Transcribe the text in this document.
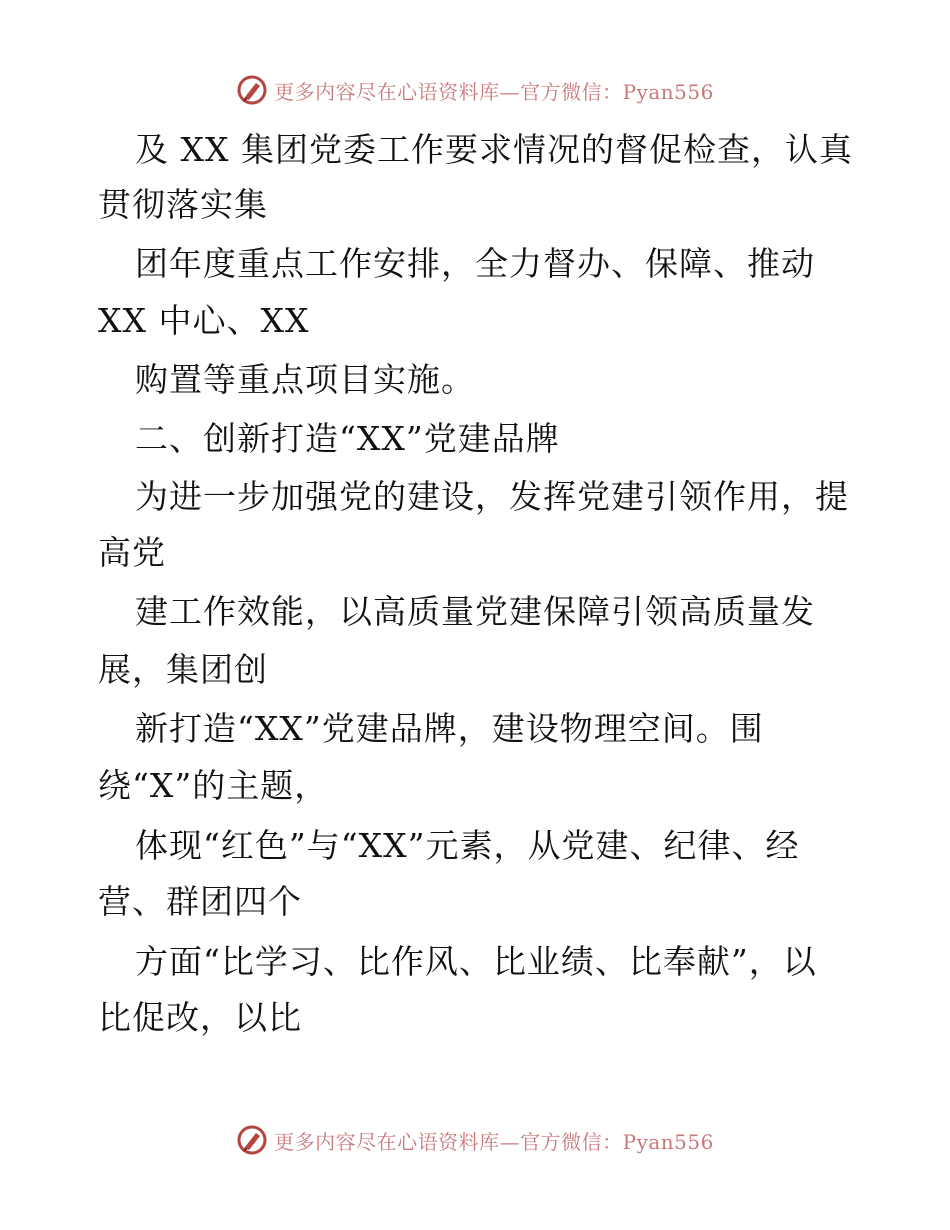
更多内容尽在心语资料库—官方微信：Pyan556
及 XX 集团党委工作要求情况的督促检查，认真
贯彻落实集
团年度重点工作安排，全力督办、保障、推动
XX 中心、XX
购置等重点项目实施。
二、创新打造“XX”党建品牌
为进一步加强党的建设，发挥党建引领作用，提
高党
建工作效能，以高质量党建保障引领高质量发
展，集团创
新打造“XX”党建品牌，建设物理空间。围
绕“X”的主题，
体现“红色”与“XX”元素，从党建、纪律、经
营、群团四个
方面“比学习、比作风、比业绩、比奉献”，以
比促改，以比
更多内容尽在心语资料库—官方微信：Pyan556
